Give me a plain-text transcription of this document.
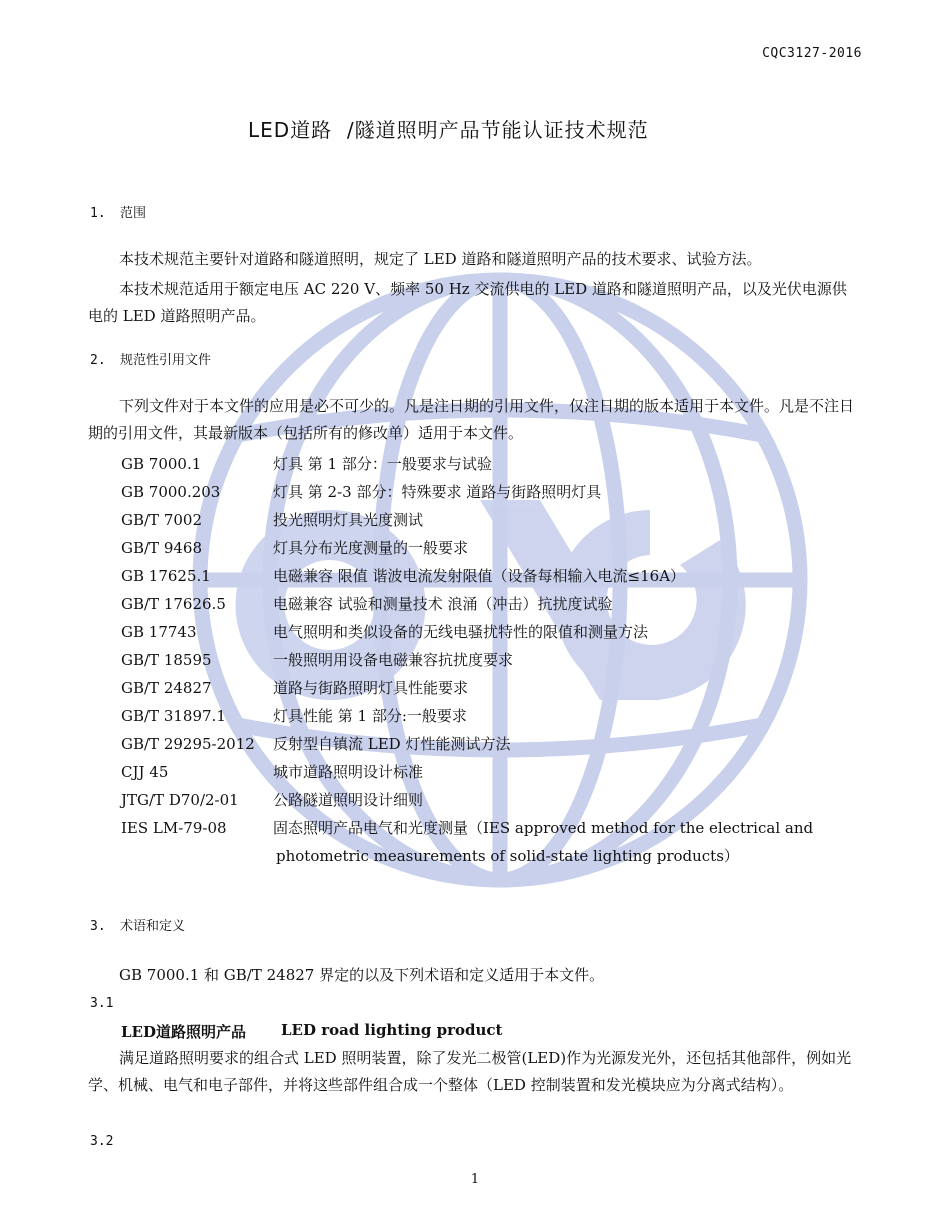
CQC3127-2016
LED道路  /隧道照明产品节能认证技术规范
1. 范围

本技术规范主要针对道路和隧道照明，规定了 LED 道路和隧道照明产品的技术要求、试验方法。

本技术规范适用于额定电压 AC 220 V、频率 50 Hz 交流供电的 LED 道路和隧道照明产品，以及光伏电源供电的 LED 道路照明产品。

2. 规范性引用文件

下列文件对于本文件的应用是必不可少的。凡是注日期的引用文件，仅注日期的版本适用于本文件。凡是不注日期的引用文件，其最新版本（包括所有的修改单）适用于本文件。

GB 7000.1	灯具 第 1 部分：一般要求与试验
GB 7000.203	灯具 第 2-3 部分：特殊要求 道路与街路照明灯具
GB/T 7002	投光照明灯具光度测试
GB/T 9468	灯具分布光度测量的一般要求
GB 17625.1	电磁兼容 限值 谐波电流发射限值（设备每相输入电流≤16A）
GB/T 17626.5	电磁兼容 试验和测量技术 浪涌（冲击）抗扰度试验
GB 17743	电气照明和类似设备的无线电骚扰特性的限值和测量方法
GB/T 18595	一般照明用设备电磁兼容抗扰度要求
GB/T 24827	道路与街路照明灯具性能要求
GB/T 31897.1	灯具性能 第 1 部分:一般要求
GB/T 29295-2012 反射型自镇流 LED 灯性能测试方法
CJJ 45	城市道路照明设计标准
JTG/T D70/2-01 公路隧道照明设计细则
IES LM-79-08	固态照明产品电气和光度测量（IES approved method for the electrical and
photometric measurements of solid-state lighting products）
3. 术语和定义

GB 7000.1 和 GB/T 24827 界定的以及下列术语和定义适用于本文件。

3.1
LED道路照明产品 LED road lighting product

满足道路照明要求的组合式 LED 照明装置，除了发光二极管(LED)作为光源发光外，还包括其他部件，例如光学、机械、电气和电子部件，并将这些部件组合成一个整体（LED 控制装置和发光模块应为分离式结构）。

3.2
1
